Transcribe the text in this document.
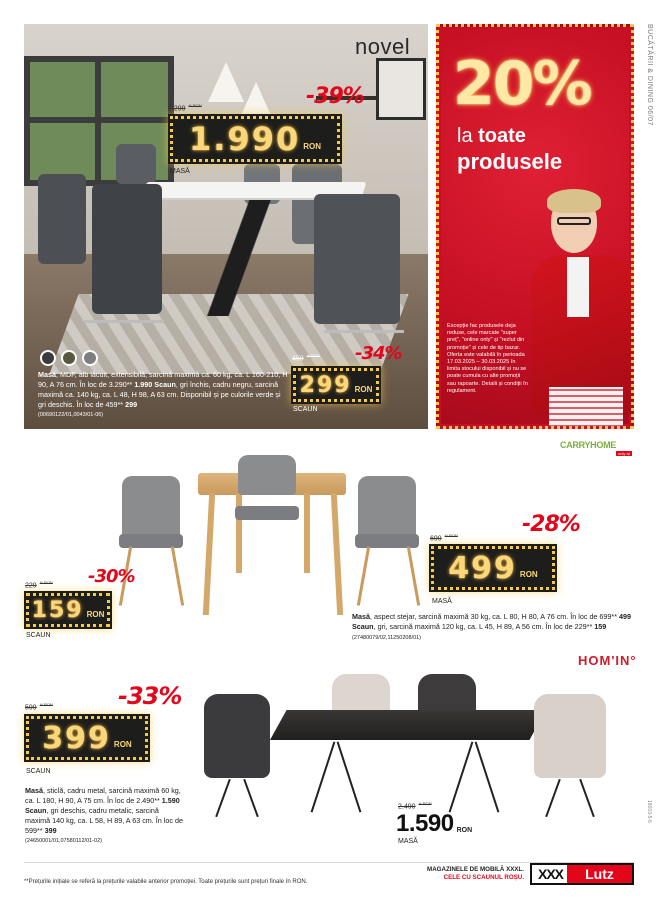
BUCĂTĂRII & DINING 06/07
novel
3.299 $^{** RON}$	-39%
1.990 RON
MASĂ
459 $^{** RON}$ -34%
299 RON
SCAUN
Masă, MDF, alb lăcuit, extensibilă, sarcină maximă ca. 60 kg, ca. L 160-210, H 90, A 76 cm. În loc de 3.290** 1.990 Scaun, gri închis, cadru negru, sarcină maximă ca. 140 kg, ca. L 48, H 98, A 63 cm. Disponibil și pe culorile verde și gri deschis. În loc de 459** 299
(00690122/01,0043/01-06)
20%
la toate
produsele
Excepție fac produsele deja reduse, cele marcate "super preț", "online only" și "rezlut din promoție" și cele de tip bazar. Oferta este valabilă în perioada 17.03.2025 – 30.03.2025 în limita stocului disponibil și nu se poate cumula cu alte promoții sau rapoarte. Detalii și condiții în regulament.
CARRYHOME
only at
229 $^{** RON}$ -30%
159 RON
SCAUN
699 $^{** RON}$	-28%
499 RON
MASĂ
Masă, aspect stejar, sarcină maximă 30 kg, ca. L 80, H 80, A 76 cm. În loc de 699** 499 Scaun, gri, sarcină maximă 120 kg, ca. L 45, H 89, A 56 cm. În loc de 229** 159 (27480079/02,11250208/01)
HOM'IN°
599 $^{** RON}$	-33%
399 RON
SCAUN
Masă, sticlă, cadru metal, sarcină maximă 60 kg, ca. L 180, H 90, A 75 cm. În loc de 2.490** 1.590 Scaun, gri deschis, cadru metalic, sarcină maximă 140 kg, ca. L 58, H 89, A 63 cm. În loc de 599** 399
(24650001/01,07580112/01-02)
2.490 $^{** RON}$
1.590 RON
MASĂ
18003-5-6
**Prețurile inițiale se referă la prețurile valabile anterior promoției. Toate prețurile sunt prețuri finale în RON.
MAGAZINELE DE MOBILĂ XXXL.
CELE CU SCAUNUL ROȘU.	XXX	Lutz
